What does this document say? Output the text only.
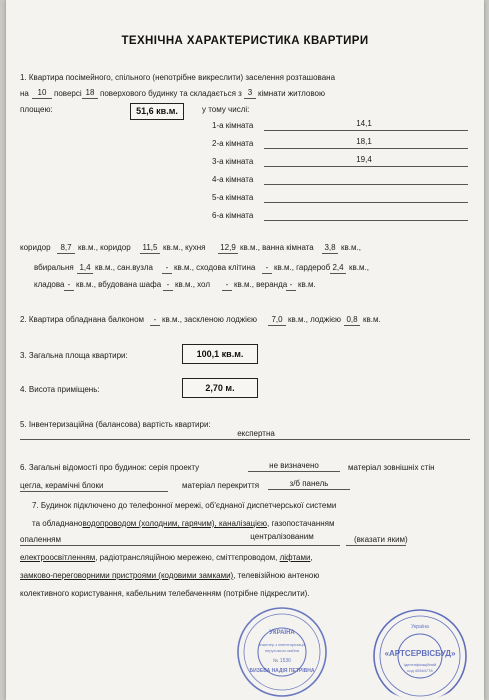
ТЕХНІЧНА ХАРАКТЕРИСТИКА КВАРТИРИ
1. Квартира посімейного, спільного (непотрібне викреслити) заселення розташована
на	10 поверсі 18 поверхового будинку та складається з 3 кімнати житловою
площею:	51,6 кв.м.	у тому числі:
1-а кімната	14,1
2-а кімната	18,1
3-а кімната	19,4
4-а кімната
5-а кімната
6-а кімната
коридор	8,7 кв.м., коридор	11,5 кв.м., кухня 12,9 кв.м., ванна кімната	3,8 кв.м.,
вбиральня 1,4 кв.м., сан.вузла	- кв.м., сходова клітина	- кв.м., гардероб 2,4 кв.м.,
кладова - кв.м., вбудована шафа - кв.м., хол	- кв.м., веранда - кв.м.
2. Квартира обладнана балконом	- кв.м., заскленою лоджією	7,0 кв.м., лоджією 0,8 кв.м.
3. Загальна площа квартири:	100,1 кв.м.
4. Висота приміщень:	2,70 м.
5. Інвентеризаційна (балансова) вартість квартири:
експертна
6. Загальні відомості про будинок: серія проекту	не визначено	матеріал зовнішніх стін
цегла, керамічні блоки	матеріал перекриття	з/б панель
7. Будинок підключено до телефонної мережі, об'єднаної диспетчерської системи
та обладнановодопроводом (холодним, гарячим), каналізацією, газопостачанням
опаленням	централізованим	(вказати яким)
електроосвітленням, радіотрансляційною мережею, сміттєпроводом, ліфтами,
замково-переговорними пристроями (кодовими замками), телевізійною антеною
колективного користування, кабельним телебаченням (потрібне підкреслити).
УКРАЇНА
Інженер з інвентаризації
нерухомого майна
№ 1536
БИЗЕВА НАДІЯ ПЕТРІВНА
Україна
«АРТСЕРВІСБУД»
Ідентифікаційний
код 40564778
